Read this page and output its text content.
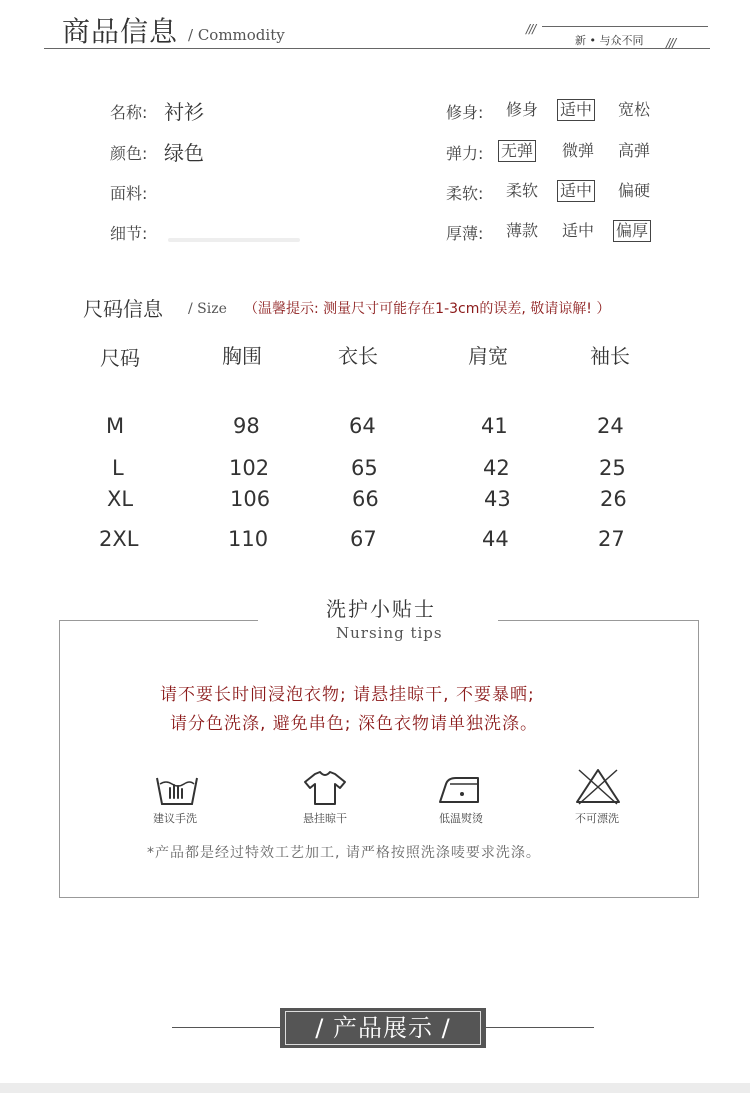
商品信息 / Commodity	///
///
新 • 与众不同
名称: 衬衫
颜色: 绿色
面料:
细节:
修身: 修身 适中 宽松
弹力: 无弹 微弹 高弹
柔软: 柔软 适中 偏硬
厚薄: 薄款 适中 偏厚
尺码信息 / Size （温馨提示: 测量尺寸可能存在1-3cm的误差, 敬请谅解! ）
尺码	胸围	衣长	肩宽	袖长
M	98	64	41	24
L	102	65	42	25
XL	106	66	43	26
2XL	110	67	44	27
洗护小贴士
Nursing tips
请不要长时间浸泡衣物; 请悬挂晾干, 不要暴晒;
请分色洗涤, 避免串色; 深色衣物请单独洗涤。
建议手洗	悬挂晾干	低温熨烫	不可漂洗
*产品都是经过特效工艺加工, 请严格按照洗涤唛要求洗涤。
/ 产品展示 /
